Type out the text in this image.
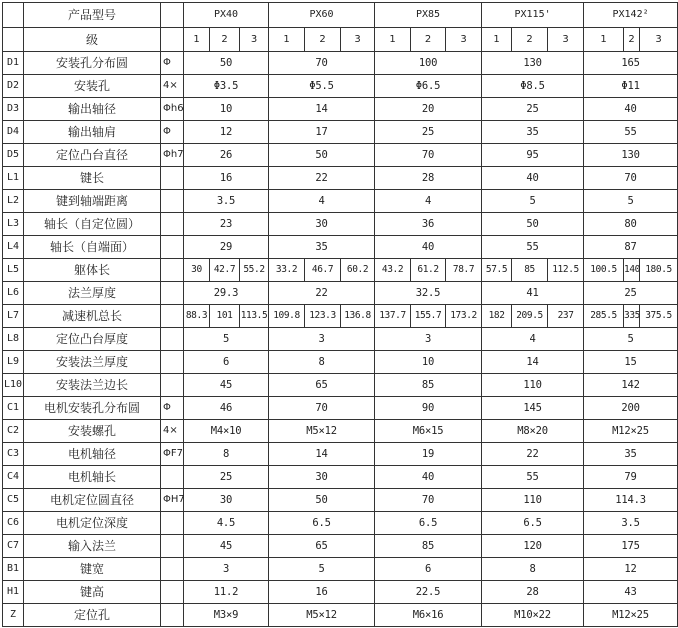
	产品型号		PX40			PX60			PX85			PX115'			PX142²		
	级		1	2	3	1	2	3	1	2	3	1	2	3	1	2	3
D1	安装孔分布圆	Φ	50			70			100			130			165		
D2	安装孔	4×	Φ3.5			Φ5.5			Φ6.5			Φ8.5			Φ11		
D3	输出轴径	Φh6	10			14			20			25			40		
D4	输出轴肩	Φ	12			17			25			35			55		
D5	定位凸台直径	Φh7	26			50			70			95			130		
L1	键长		16			22			28			40			70		
L2	键到轴端距离		3.5			4			4			5			5		
L3	轴长（自定位圆）		23			30			36			50			80		
L4	轴长（自端面）		29			35			40			55			87		
L5	躯体长		30	42.7	55.2	33.2	46.7	60.2	43.2	61.2	78.7	57.5	85	112.5	100.5	140	180.5
L6	法兰厚度		29.3			22			32.5			41			25		
L7	减速机总长		88.3	101	113.5	109.8	123.3	136.8	137.7	155.7	173.2	182	209.5	237	285.5	335	375.5
L8	定位凸台厚度		5			3			3			4			5		
L9	安装法兰厚度		6			8			10			14			15		
L10	安装法兰边长		45			65			85			110			142		
C1	电机安装孔分布圆	Φ	46			70			90			145			200		
C2	安装螺孔	4×	M4×10			M5×12			M6×15			M8×20			M12×25		
C3	电机轴径	ΦF7	8			14			19			22			35		
C4	电机轴长		25			30			40			55			79		
C5	电机定位圆直径	ΦH7	30			50			70			110			114.3		
C6	电机定位深度		4.5			6.5			6.5			6.5			3.5		
C7	输入法兰		45			65			85			120			175		
B1	键宽		3			5			6			8			12		
H1	键高		11.2			16			22.5			28			43		
Z	定位孔		M3×9			M5×12			M6×16			M10×22			M12×25		
